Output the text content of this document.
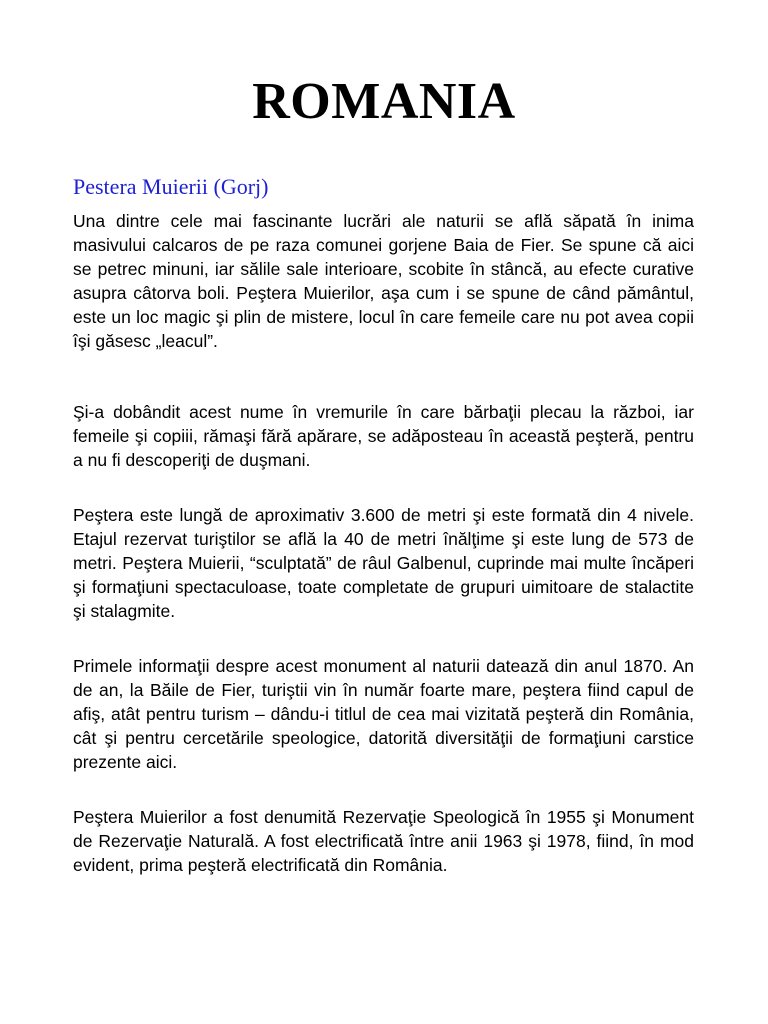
ROMANIA
Pestera Muierii (Gorj)

Una dintre cele mai fascinante lucrări ale naturii se află săpată în inima masivului calcaros de pe raza comunei gorjene Baia de Fier. Se spune că aici se petrec minuni, iar sălile sale interioare, scobite în stâncă, au efecte curative asupra câtorva boli. Peştera Muierilor, aşa cum i se spune de când pământul, este un loc magic şi plin de mistere, locul în care femeile care nu pot avea copii îşi găsesc „leacul”.

Şi-a dobândit acest nume în vremurile în care bărbaţii plecau la război, iar femeile şi copiii, rămaşi fără apărare, se adăposteau în această peşteră, pentru a nu fi descoperiţi de duşmani.

Peştera este lungă de aproximativ 3.600 de metri şi este formată din 4 nivele. Etajul rezervat turiştilor se află la 40 de metri înălţime şi este lung de 573 de metri. Peştera Muierii, “sculptată” de râul Galbenul, cuprinde mai multe încăperi şi formaţiuni spectaculoase, toate completate de grupuri uimitoare de stalactite şi stalagmite.

Primele informaţii despre acest monument al naturii datează din anul 1870. An de an, la Băile de Fier, turiştii vin în număr foarte mare, peştera fiind capul de afiş, atât pentru turism – dându-i titlul de cea mai vizitată peşteră din România, cât şi pentru cercetările speologice, datorită diversităţii de formaţiuni carstice prezente aici.

Peştera Muierilor a fost denumită Rezervaţie Speologică în 1955 şi Monument de Rezervaţie Naturală. A fost electrificată între anii 1963 şi 1978, fiind, în mod evident, prima peşteră electrificată din România.
